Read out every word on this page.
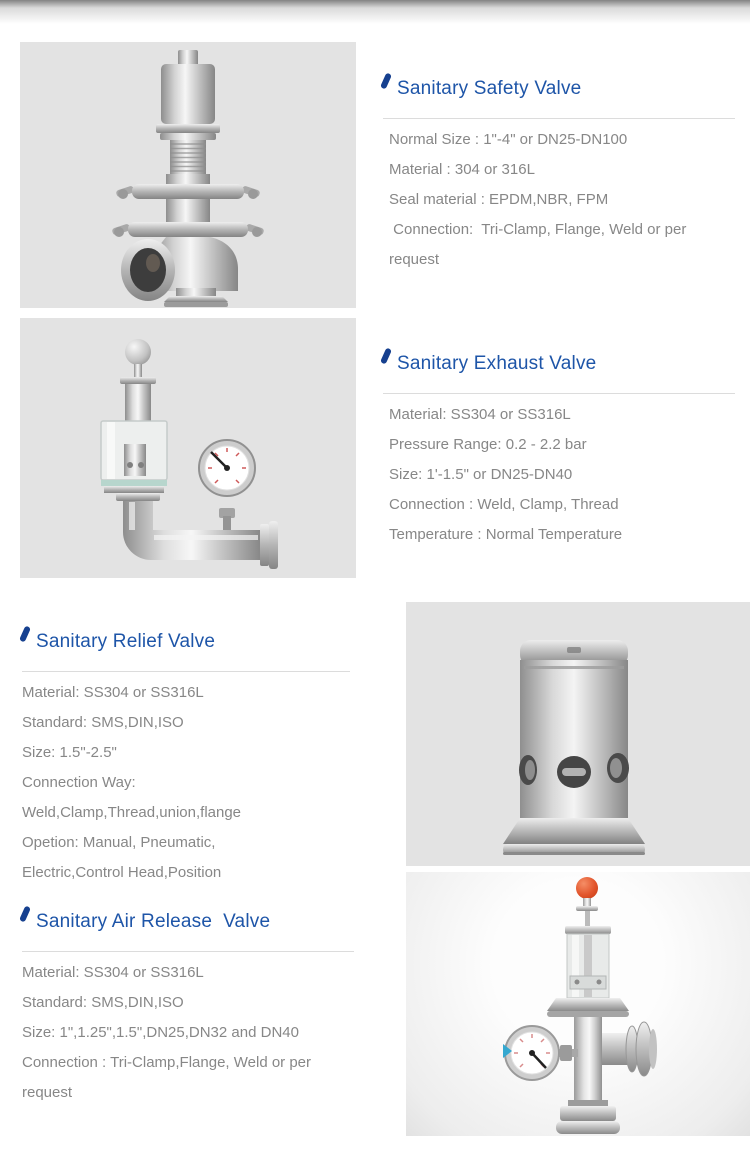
Sanitary Safety Valve

Normal Size : 1"-4" or DN25-DN100

Material : 304 or 316L

Seal material : EPDM,NBR, FPM

Connection:  Tri-Clamp, Flange, Weld or per request

Sanitary Exhaust Valve

Material: SS304 or SS316L

Pressure Range: 0.2 - 2.2 bar

Size: 1'-1.5" or DN25-DN40

Connection : Weld, Clamp, Thread

Temperature : Normal Temperature

Sanitary Relief Valve

Material: SS304 or SS316L

Standard: SMS,DIN,ISO

Size: 1.5"-2.5"

Connection Way:

Weld,Clamp,Thread,union,flange

Opetion: Manual, Pneumatic,

Electric,Control Head,Position

Sanitary Air Release  Valve

Material: SS304 or SS316L

Standard: SMS,DIN,ISO

Size: 1",1.25",1.5",DN25,DN32 and DN40

Connection : Tri-Clamp,Flange, Weld or per request
